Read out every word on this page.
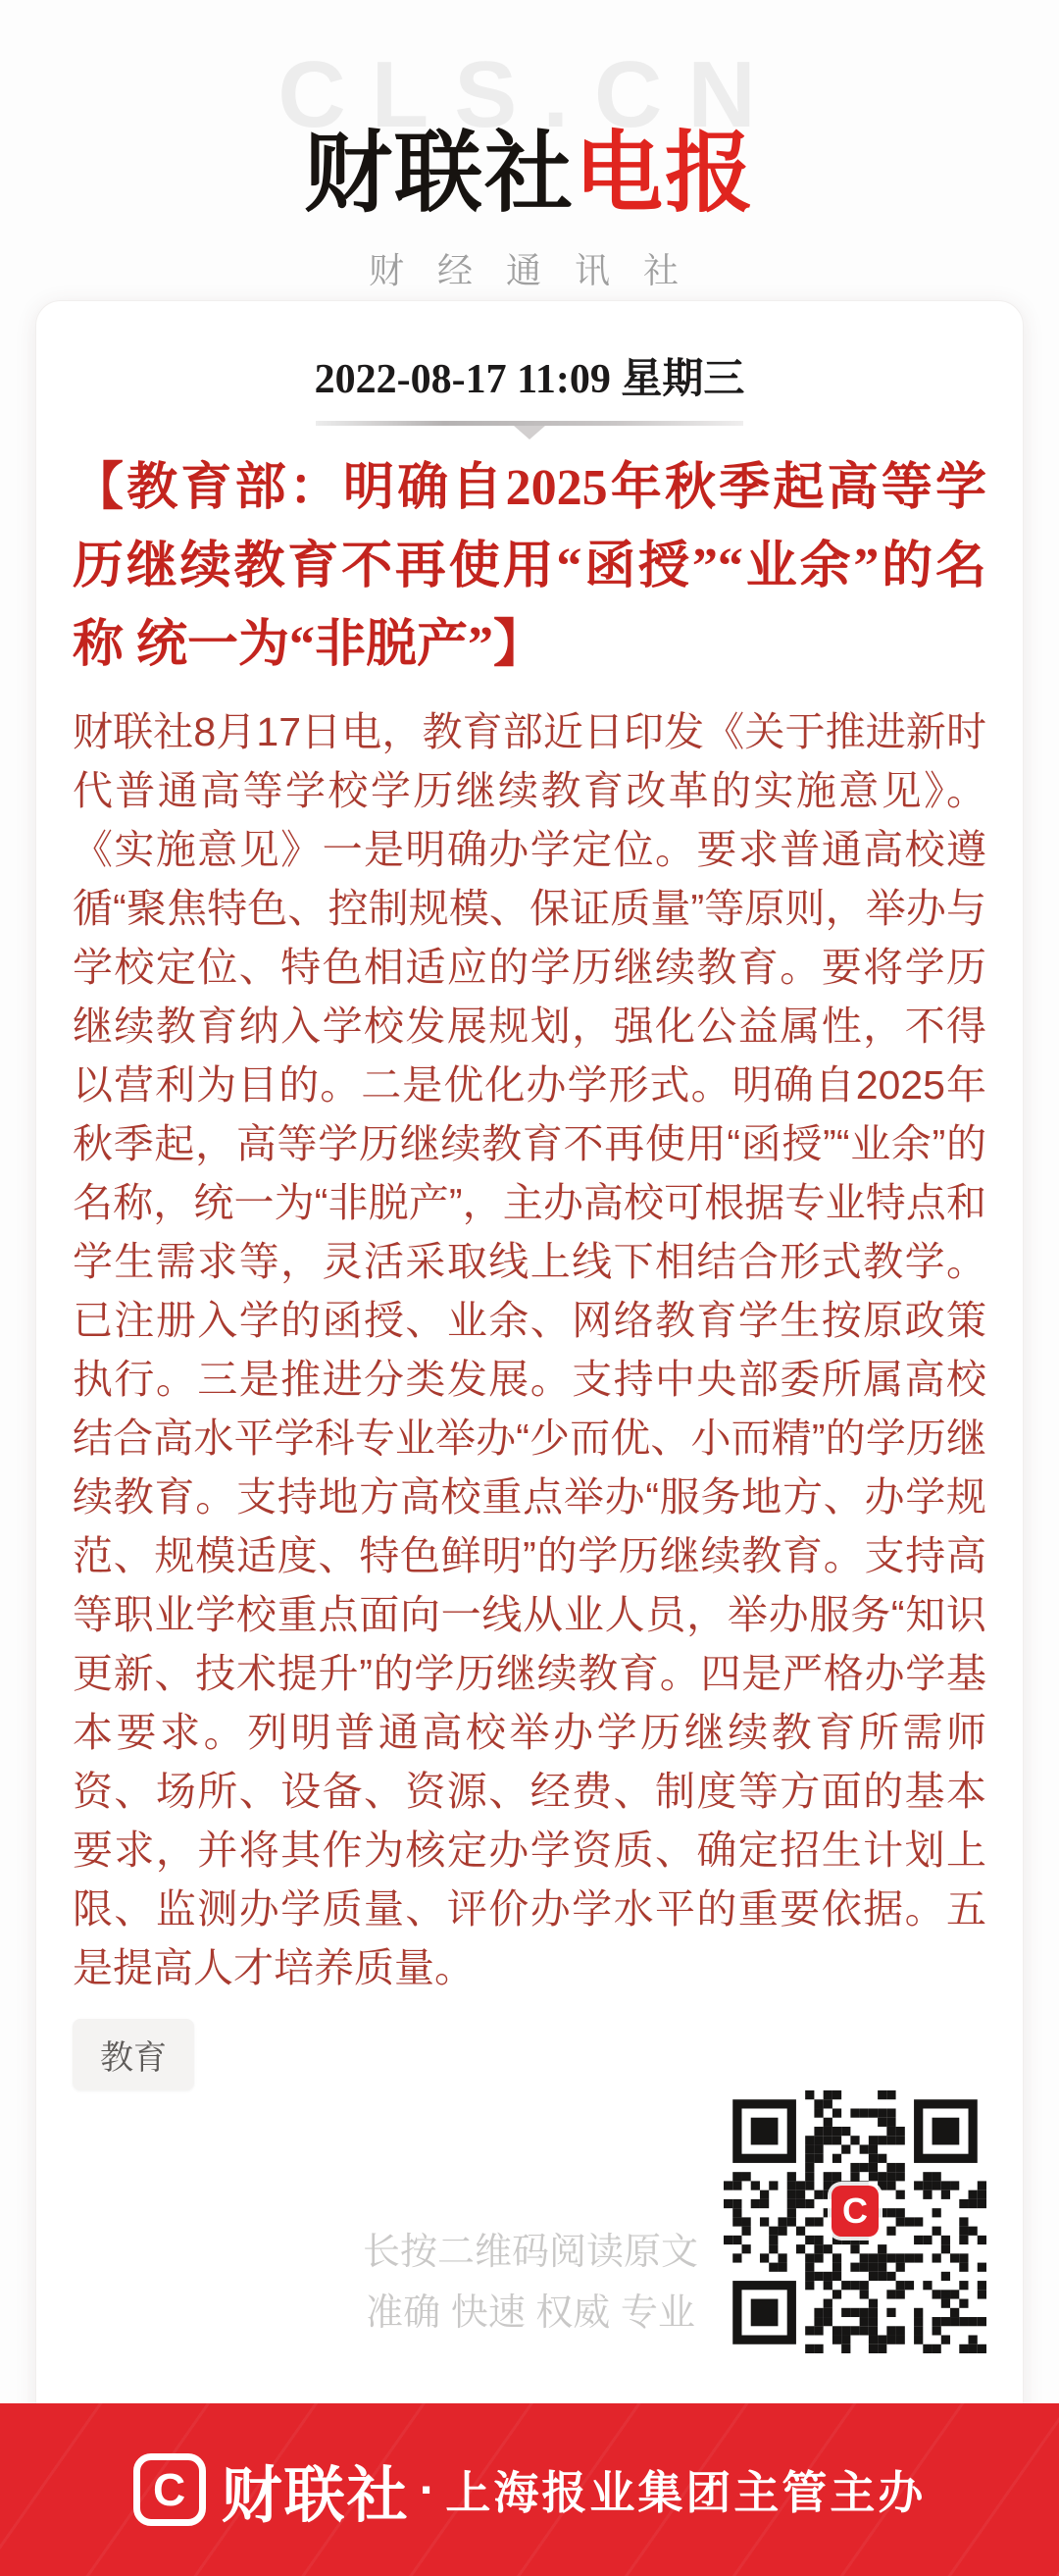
CLS.CN
财联社电报
财 经 通 讯 社
2022-08-17 11:09 星期三
【教育部：明确自2025年秋季起高等学历继续教育不再使用“函授”“业余”的名称 统一为“非脱产”】
财联社8月17日电，教育部近日印发《关于推进新时代普通高等学校学历继续教育改革的实施意见》。《实施意见》一是明确办学定位。要求普通高校遵循“聚焦特色、控制规模、保证质量”等原则，举办与学校定位、特色相适应的学历继续教育。要将学历继续教育纳入学校发展规划，强化公益属性，不得以营利为目的。二是优化办学形式。明确自2025年秋季起，高等学历继续教育不再使用“函授”“业余”的名称，统一为“非脱产”，主办高校可根据专业特点和学生需求等，灵活采取线上线下相结合形式教学。已注册入学的函授、业余、网络教育学生按原政策执行。三是推进分类发展。支持中央部委所属高校结合高水平学科专业举办“少而优、小而精”的学历继续教育。支持地方高校重点举办“服务地方、办学规范、规模适度、特色鲜明”的学历继续教育。支持高等职业学校重点面向一线从业人员，举办服务“知识更新、技术提升”的学历继续教育。四是严格办学基本要求。列明普通高校举办学历继续教育所需师资、场所、设备、资源、经费、制度等方面的基本要求，并将其作为核定办学资质、确定招生计划上限、监测办学质量、评价办学水平的重要依据。五是提高人才培养质量。
教育
长按二维码阅读原文
准确 快速 权威 专业
C
C 财联社 · 上海报业集团主管主办
